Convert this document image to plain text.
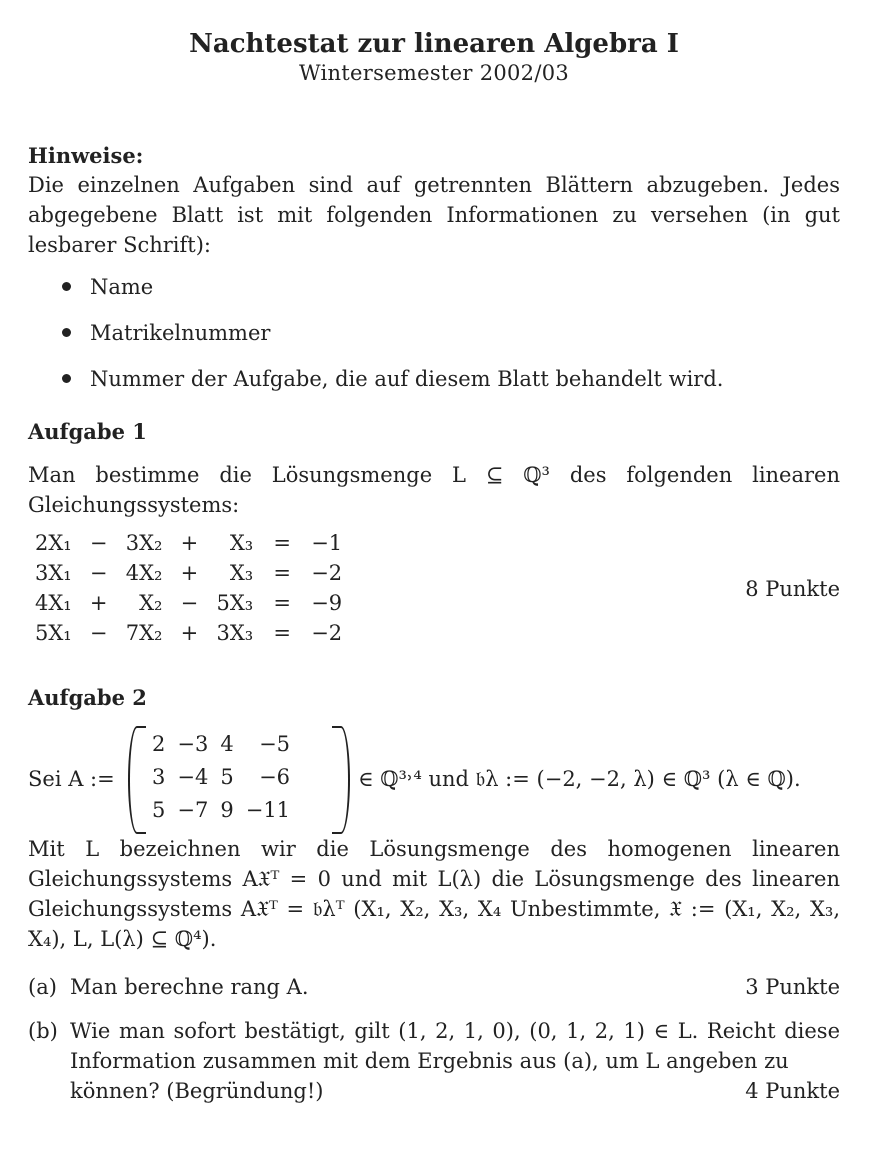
Nachtestat zur linearen Algebra I
Wintersemester 2002/03
Hinweise:
Die einzelnen Aufgaben sind auf getrennten Blättern abzugeben. Jedes abgegebene Blatt ist mit folgenden Informationen zu versehen (in gut lesbarer Schrift):
Name
Matrikelnummer
Nummer der Aufgabe, die auf diesem Blatt behandelt wird.
Aufgabe 1
Man bestimme die Lösungsmenge L ⊆ ℚ³ des folgenden linearen Gleichungssystems:
2X₁	−	3X₂	+	X₃	=	−1
3X₁	−	4X₂	+	X₃	=	−2
4X₁	+	X₂	−	5X₃	=	−9
5X₁	−	7X₂	+	3X₃	=	−2
8 Punkte
Aufgabe 2
Sei A :=
2	−3	4	−5
3	−4	5	−6
5	−7	9	−11
∈ ℚ³˒⁴ und 𝔟λ := (−2, −2, λ) ∈ ℚ³ (λ ∈ ℚ).
Mit L bezeichnen wir die Lösungsmenge des homogenen linearen Gleichungssystems A𝔛ᵀ = 0 und mit L(λ) die Lösungsmenge des linearen Gleichungssystems A𝔛ᵀ = 𝔟λᵀ (X₁, X₂, X₃, X₄ Unbestimmte, 𝔛 := (X₁, X₂, X₃, X₄), L, L(λ) ⊆ ℚ⁴).
(a) Man berechne rang A.	3 Punkte
(b) Wie man sofort bestätigt, gilt (1, 2, 1, 0), (0, 1, 2, 1) ∈ L. Reicht diese Information zusammen mit dem Ergebnis aus (a), um L angeben zu
können? (Begründung!)	4 Punkte
